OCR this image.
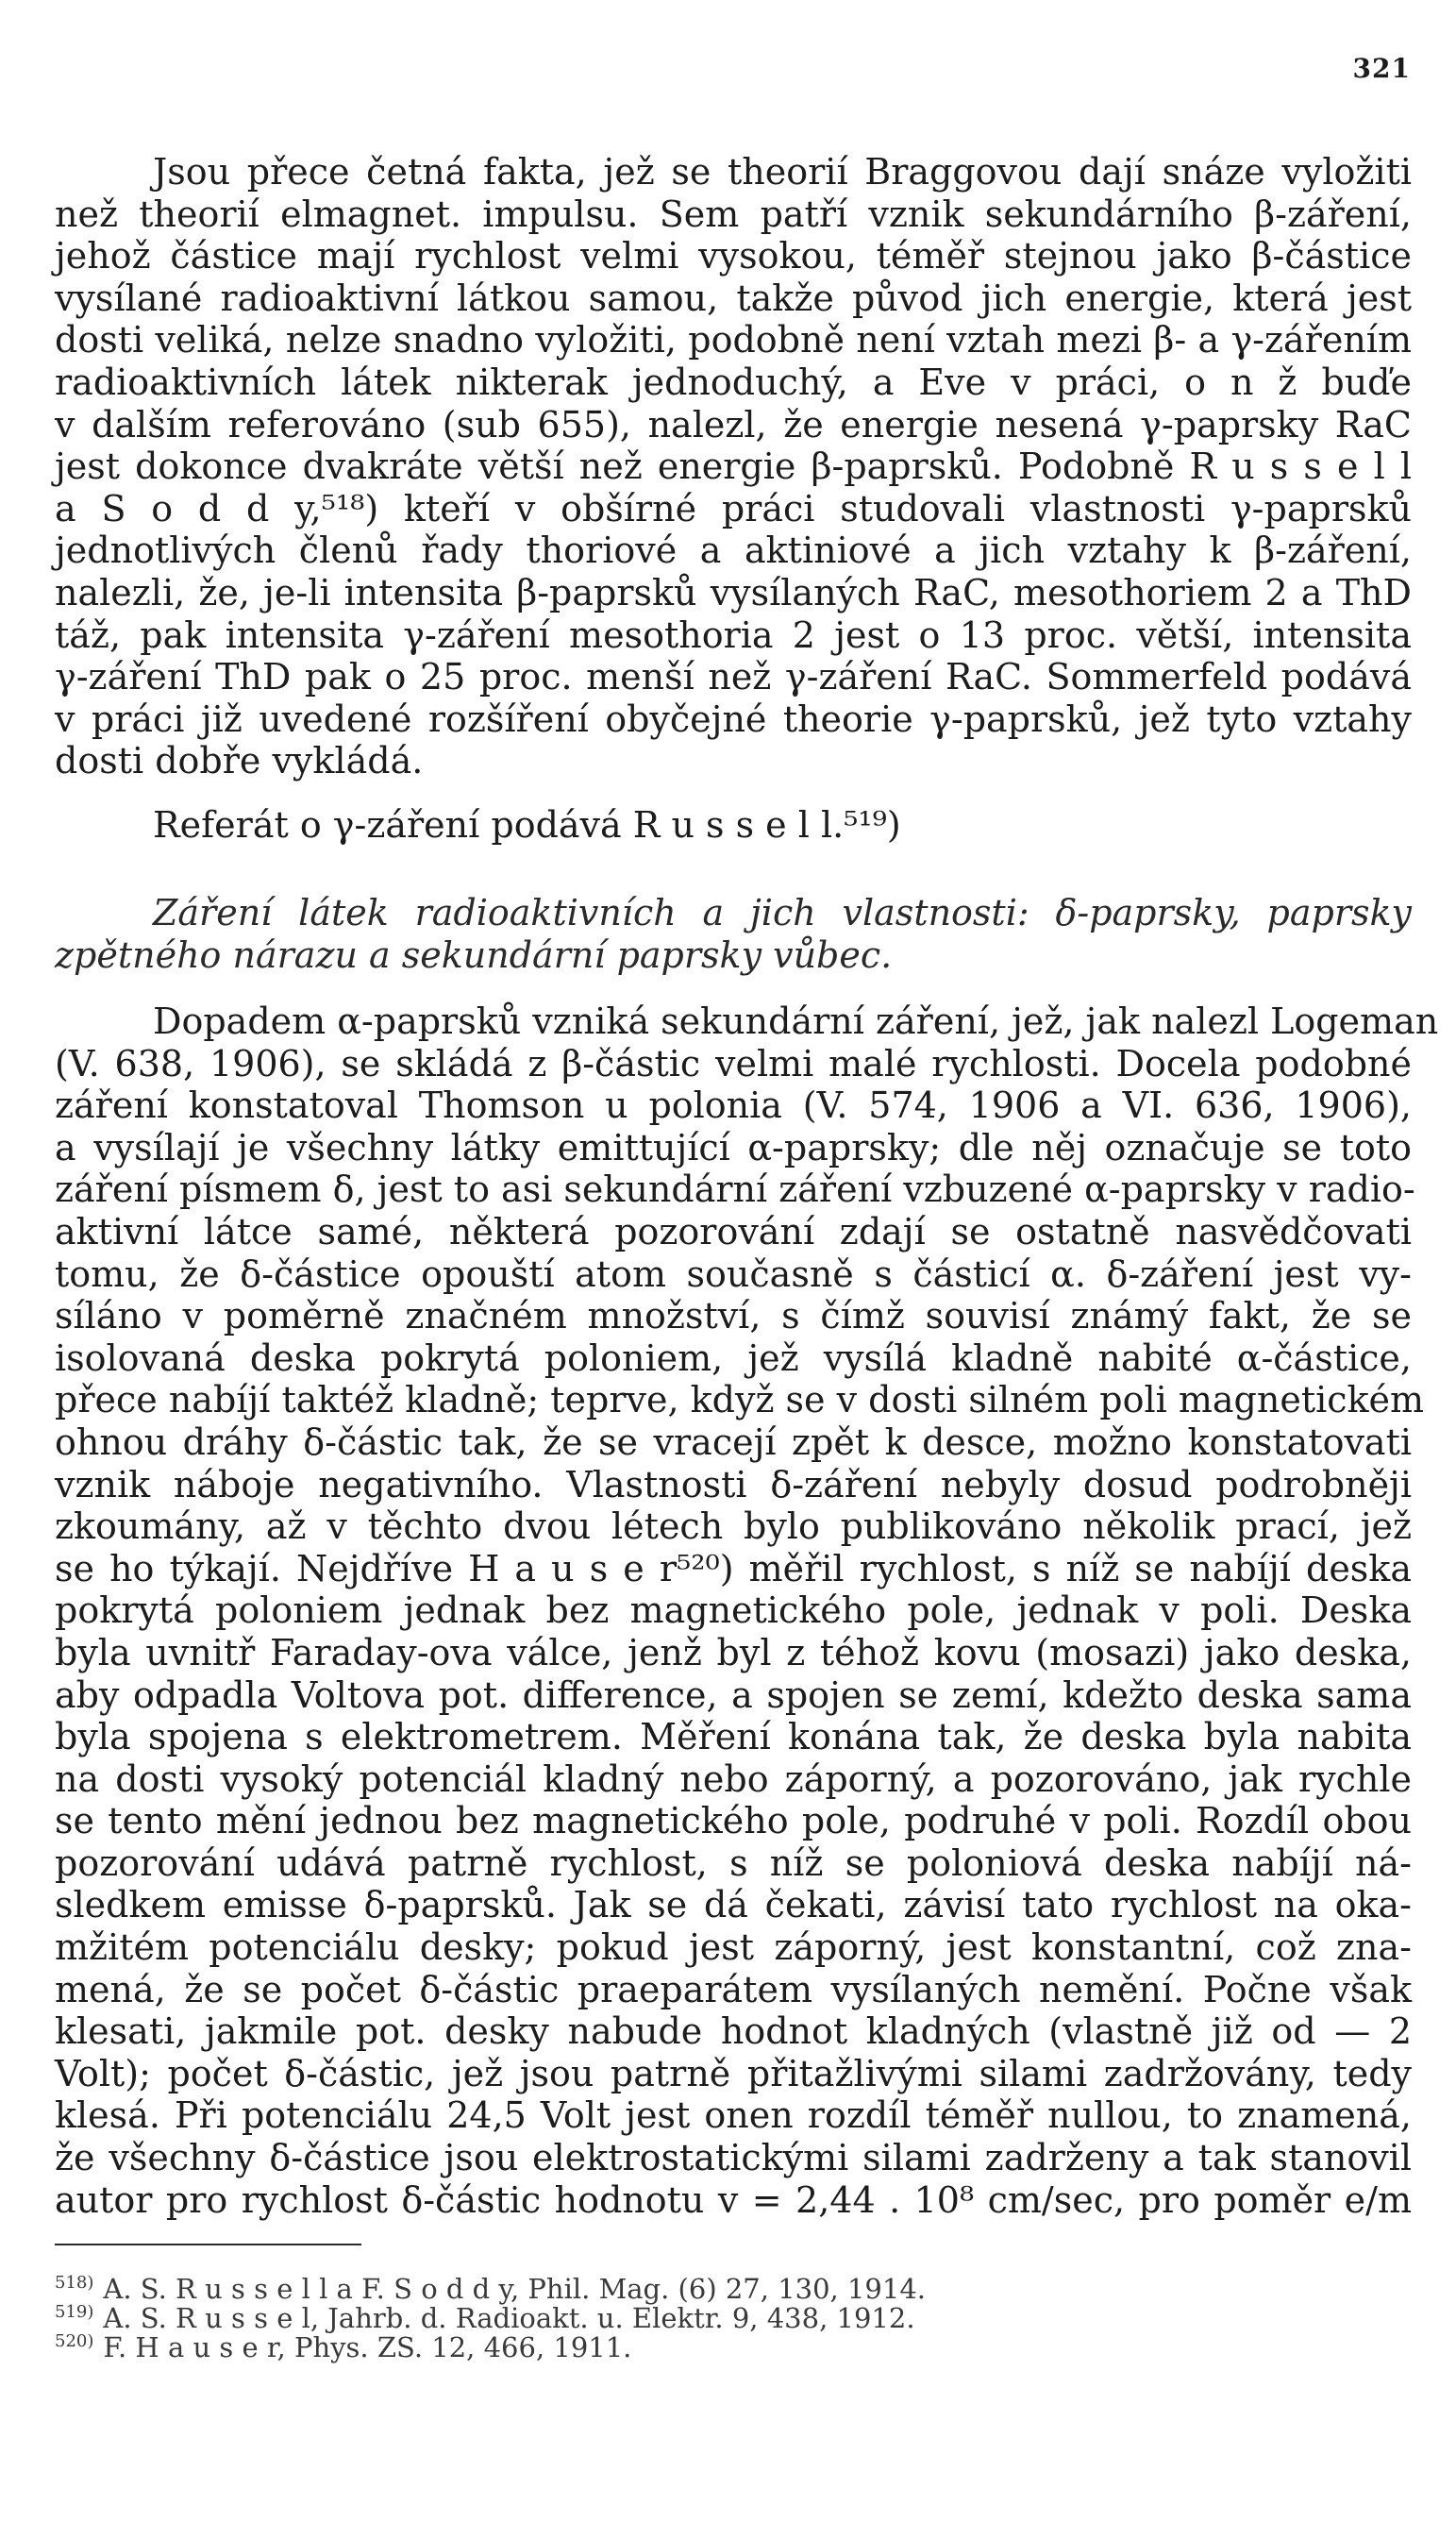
321
Jsou přece četná fakta, jež se theorií Braggovou dají snáze vyložiti
než theorií elmagnet. impulsu. Sem patří vznik sekundárního β-záření,
jehož částice mají rychlost velmi vysokou, téměř stejnou jako β-částice
vysílané radioaktivní látkou samou, takže původ jich energie, která jest
dosti veliká, nelze snadno vyložiti, podobně není vztah mezi β- a γ-zářením
radioaktivních látek nikterak jednoduchý, a Eve v práci, o n ž buďe
v dalším referováno (sub 655), nalezl, že energie nesená γ-paprsky RaC
jest dokonce dvakráte větší než energie β-paprsků. Podobně R u s s e l l
a S o d d y,⁵¹⁸) kteří v obšírné práci studovali vlastnosti γ-paprsků
jednotlivých členů řady thoriové a aktiniové a jich vztahy k β-záření,
nalezli, že, je-li intensita β-paprsků vysílaných RaC, mesothoriem 2 a ThD
táž, pak intensita γ-záření mesothoria 2 jest o 13 proc. větší, intensita
γ-záření ThD pak o 25 proc. menší než γ-záření RaC. Sommerfeld podává
v práci již uvedené rozšíření obyčejné theorie γ-paprsků, jež tyto vztahy
dosti dobře vykládá.
Referát o γ-záření podává R u s s e l l.⁵¹⁹)
Záření látek radioaktivních a jich vlastnosti: δ-paprsky, paprsky
zpětného nárazu a sekundární paprsky vůbec.
Dopadem α-paprsků vzniká sekundární záření, jež, jak nalezl Logeman
(V. 638, 1906), se skládá z β-částic velmi malé rychlosti. Docela podobné
záření konstatoval Thomson u polonia (V. 574, 1906 a VI. 636, 1906),
a vysílají je všechny látky emittující α-paprsky; dle něj označuje se toto
záření písmem δ, jest to asi sekundární záření vzbuzené α-paprsky v radio-
aktivní látce samé, některá pozorování zdají se ostatně nasvědčovati
tomu, že δ-částice opouští atom současně s částicí α. δ-záření jest vy-
síláno v poměrně značném množství, s čímž souvisí známý fakt, že se
isolovaná deska pokrytá poloniem, jež vysílá kladně nabité α-částice,
přece nabíjí taktéž kladně; teprve, když se v dosti silném poli magnetickém
ohnou dráhy δ-částic tak, že se vracejí zpět k desce, možno konstatovati
vznik náboje negativního. Vlastnosti δ-záření nebyly dosud podrobněji
zkoumány, až v těchto dvou létech bylo publikováno několik prací, jež
se ho týkají. Nejdříve H a u s e r⁵²⁰) měřil rychlost, s níž se nabíjí deska
pokrytá poloniem jednak bez magnetického pole, jednak v poli. Deska
byla uvnitř Faraday-ova válce, jenž byl z téhož kovu (mosazi) jako deska,
aby odpadla Voltova pot. difference, a spojen se zemí, kdežto deska sama
byla spojena s elektrometrem. Měření konána tak, že deska byla nabita
na dosti vysoký potenciál kladný nebo záporný, a pozorováno, jak rychle
se tento mění jednou bez magnetického pole, podruhé v poli. Rozdíl obou
pozorování udává patrně rychlost, s níž se poloniová deska nabíjí ná-
sledkem emisse δ-paprsků. Jak se dá čekati, závisí tato rychlost na okа-
mžitém potenciálu desky; pokud jest záporný, jest konstantní, což zna-
mená, že se počet δ-částic praeparátem vysílaných nemění. Počne však
klesati, jakmile pot. desky nabude hodnot kladných (vlastně již od — 2
Volt); počet δ-částic, jež jsou patrně přitažlivými silami zadržovány, tedy
klesá. Při potenciálu 24,5 Volt jest onen rozdíl téměř nullou, to znamená,
že všechny δ-částice jsou elektrostatickými silami zadrženy a tak stanovil
autor pro rychlost δ-částic hodnotu v = 2,44 . 10⁸ cm/sec, pro poměr e/m
$^{518)}$ A. S. R u s s e l l a F. S o d d y, Phil. Mag. (6) 27, 130, 1914.
$^{519)}$ A. S. R u s s e l, Jahrb. d. Radioakt. u. Elektr. 9, 438, 1912.
$^{520)}$ F. H a u s e r, Phys. ZS. 12, 466, 1911.
